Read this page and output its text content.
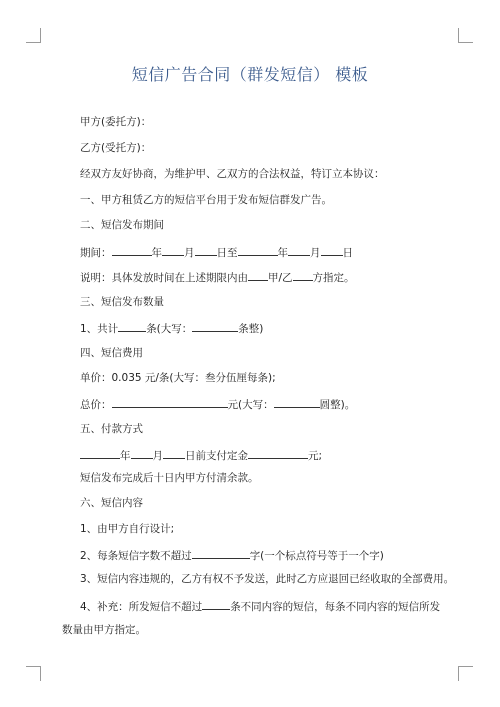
短信广告合同（群发短信） 模板
甲方(委托方)：
乙方(受托方)：
经双方友好协商，为维护甲、乙双方的合法权益，特订立本协议：
一、甲方租赁乙方的短信平台用于发布短信群发广告。
二、短信发布期间
期间：	年 月 日至	年 月 日
说明：具体发放时间在上述期限内由 甲/乙 方指定。
三、短信发布数量
1、共计	条(大写：	条整)
四、短信费用
单价：0.035 元/条(大写：叁分伍厘每条);
总价：	元(大写：	圆整)。
五、付款方式
年 月 日前支付定金	元;
短信发布完成后十日内甲方付清余款。
六、短信内容
1、由甲方自行设计;
2、每条短信字数不超过	字(一个标点符号等于一个字)
3、短信内容违规的，乙方有权不予发送，此时乙方应退回已经收取的全部费用。
4、补充：所发短信不超过	条不同内容的短信，每条不同内容的短信所发
数量由甲方指定。
